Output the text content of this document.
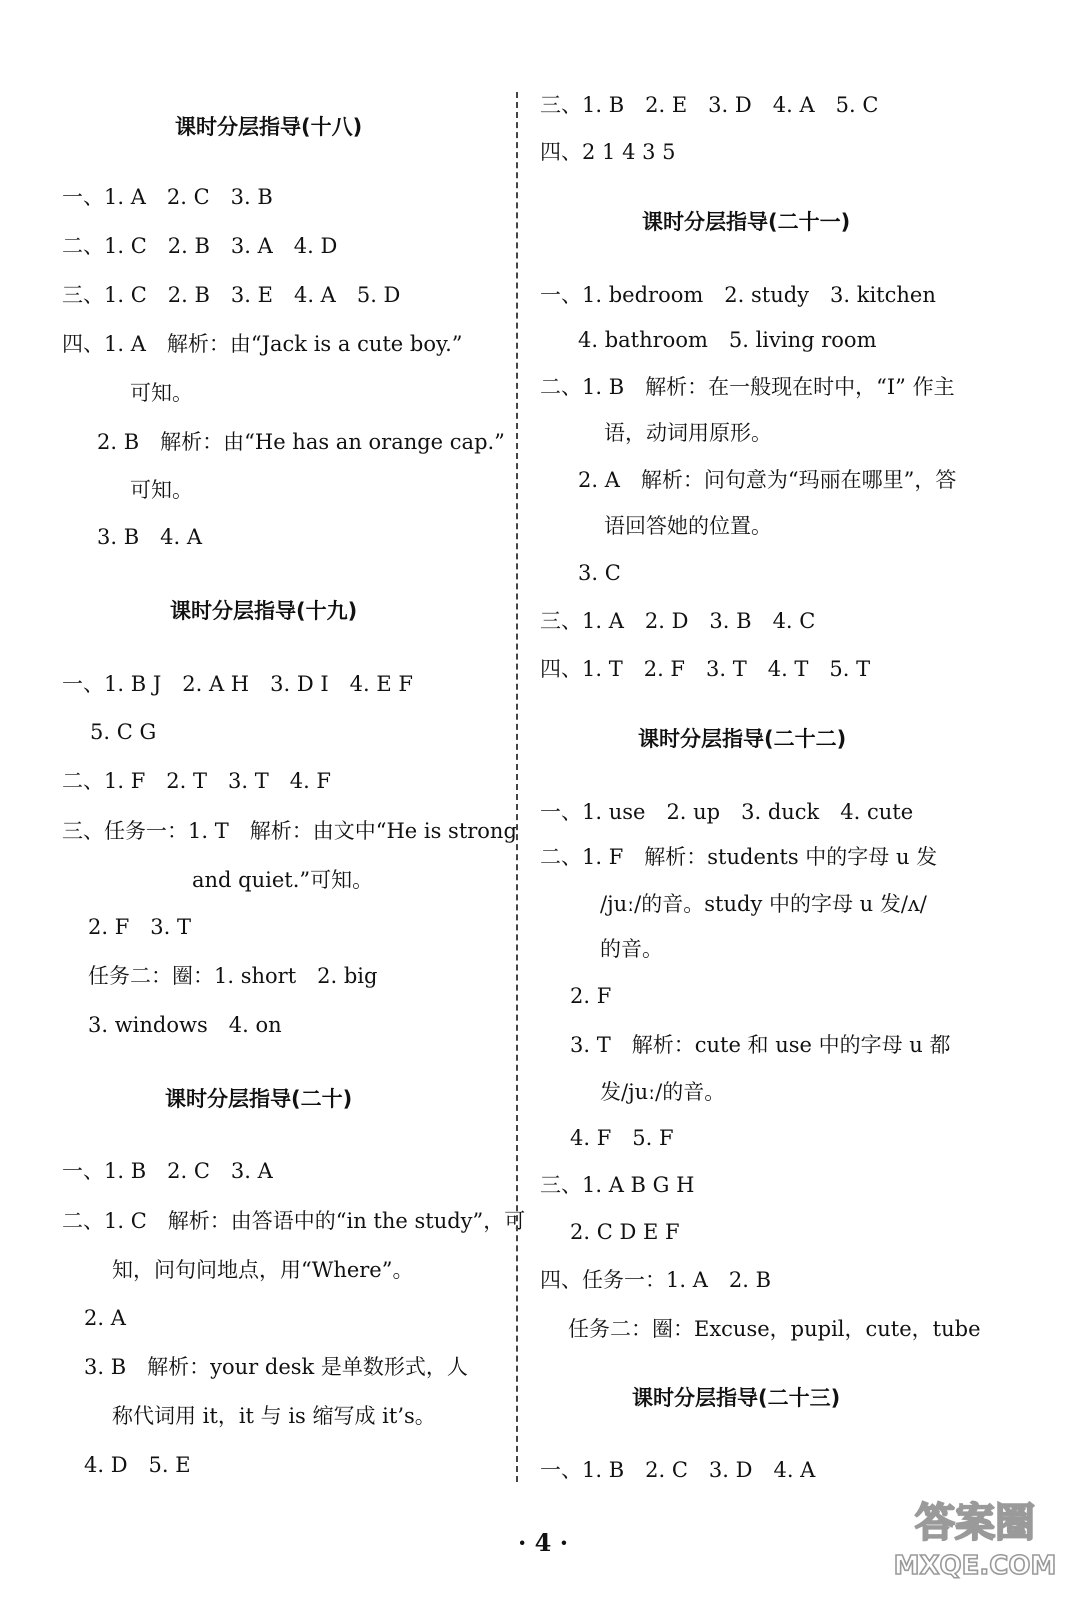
课时分层指导(十八)
一、1. A　2. C　3. B
二、1. C　2. B　3. A　4. D
三、1. C　2. B　3. E　4. A　5. D
四、1. A　解析：由“Jack is a cute boy.”
可知。
2. B　解析：由“He has an orange cap.”
可知。
3. B　4. A
课时分层指导(十九)
一、1. B J　2. A H　3. D I　4. E F
5. C G
二、1. F　2. T　3. T　4. F
三、任务一：1. T　解析：由文中“He is strong
and quiet.”可知。
2. F　3. T
任务二：圈：1. short　2. big
3. windows　4. on
课时分层指导(二十)
一、1. B　2. C　3. A
二、1. C　解析：由答语中的“in the study”，可
知，问句问地点，用“Where”。
2. A
3. B　解析：your desk 是单数形式，人
称代词用 it，it 与 is 缩写成 it’s。
4. D　5. E
三、1. B　2. E　3. D　4. A　5. C
四、2 1 4 3 5
课时分层指导(二十一)
一、1. bedroom　2. study　3. kitchen
4. bathroom　5. living room
二、1. B　解析：在一般现在时中，“I” 作主
语，动词用原形。
2. A　解析：问句意为“玛丽在哪里”，答
语回答她的位置。
3. C
三、1. A　2. D　3. B　4. C
四、1. T　2. F　3. T　4. T　5. T
课时分层指导(二十二)
一、1. use　2. up　3. duck　4. cute
二、1. F　解析：students 中的字母 u 发
/juː/的音。study 中的字母 u 发/ʌ/
的音。
2. F
3. T　解析：cute 和 use 中的字母 u 都
发/juː/的音。
4. F　5. F
三、1. A B G H
2. C D E F
四、任务一：1. A　2. B
任务二：圈：Excuse，pupil，cute，tube
课时分层指导(二十三)
一、1. B　2. C　3. D　4. A
· 4 ·	答案圈
MXQE.COM
